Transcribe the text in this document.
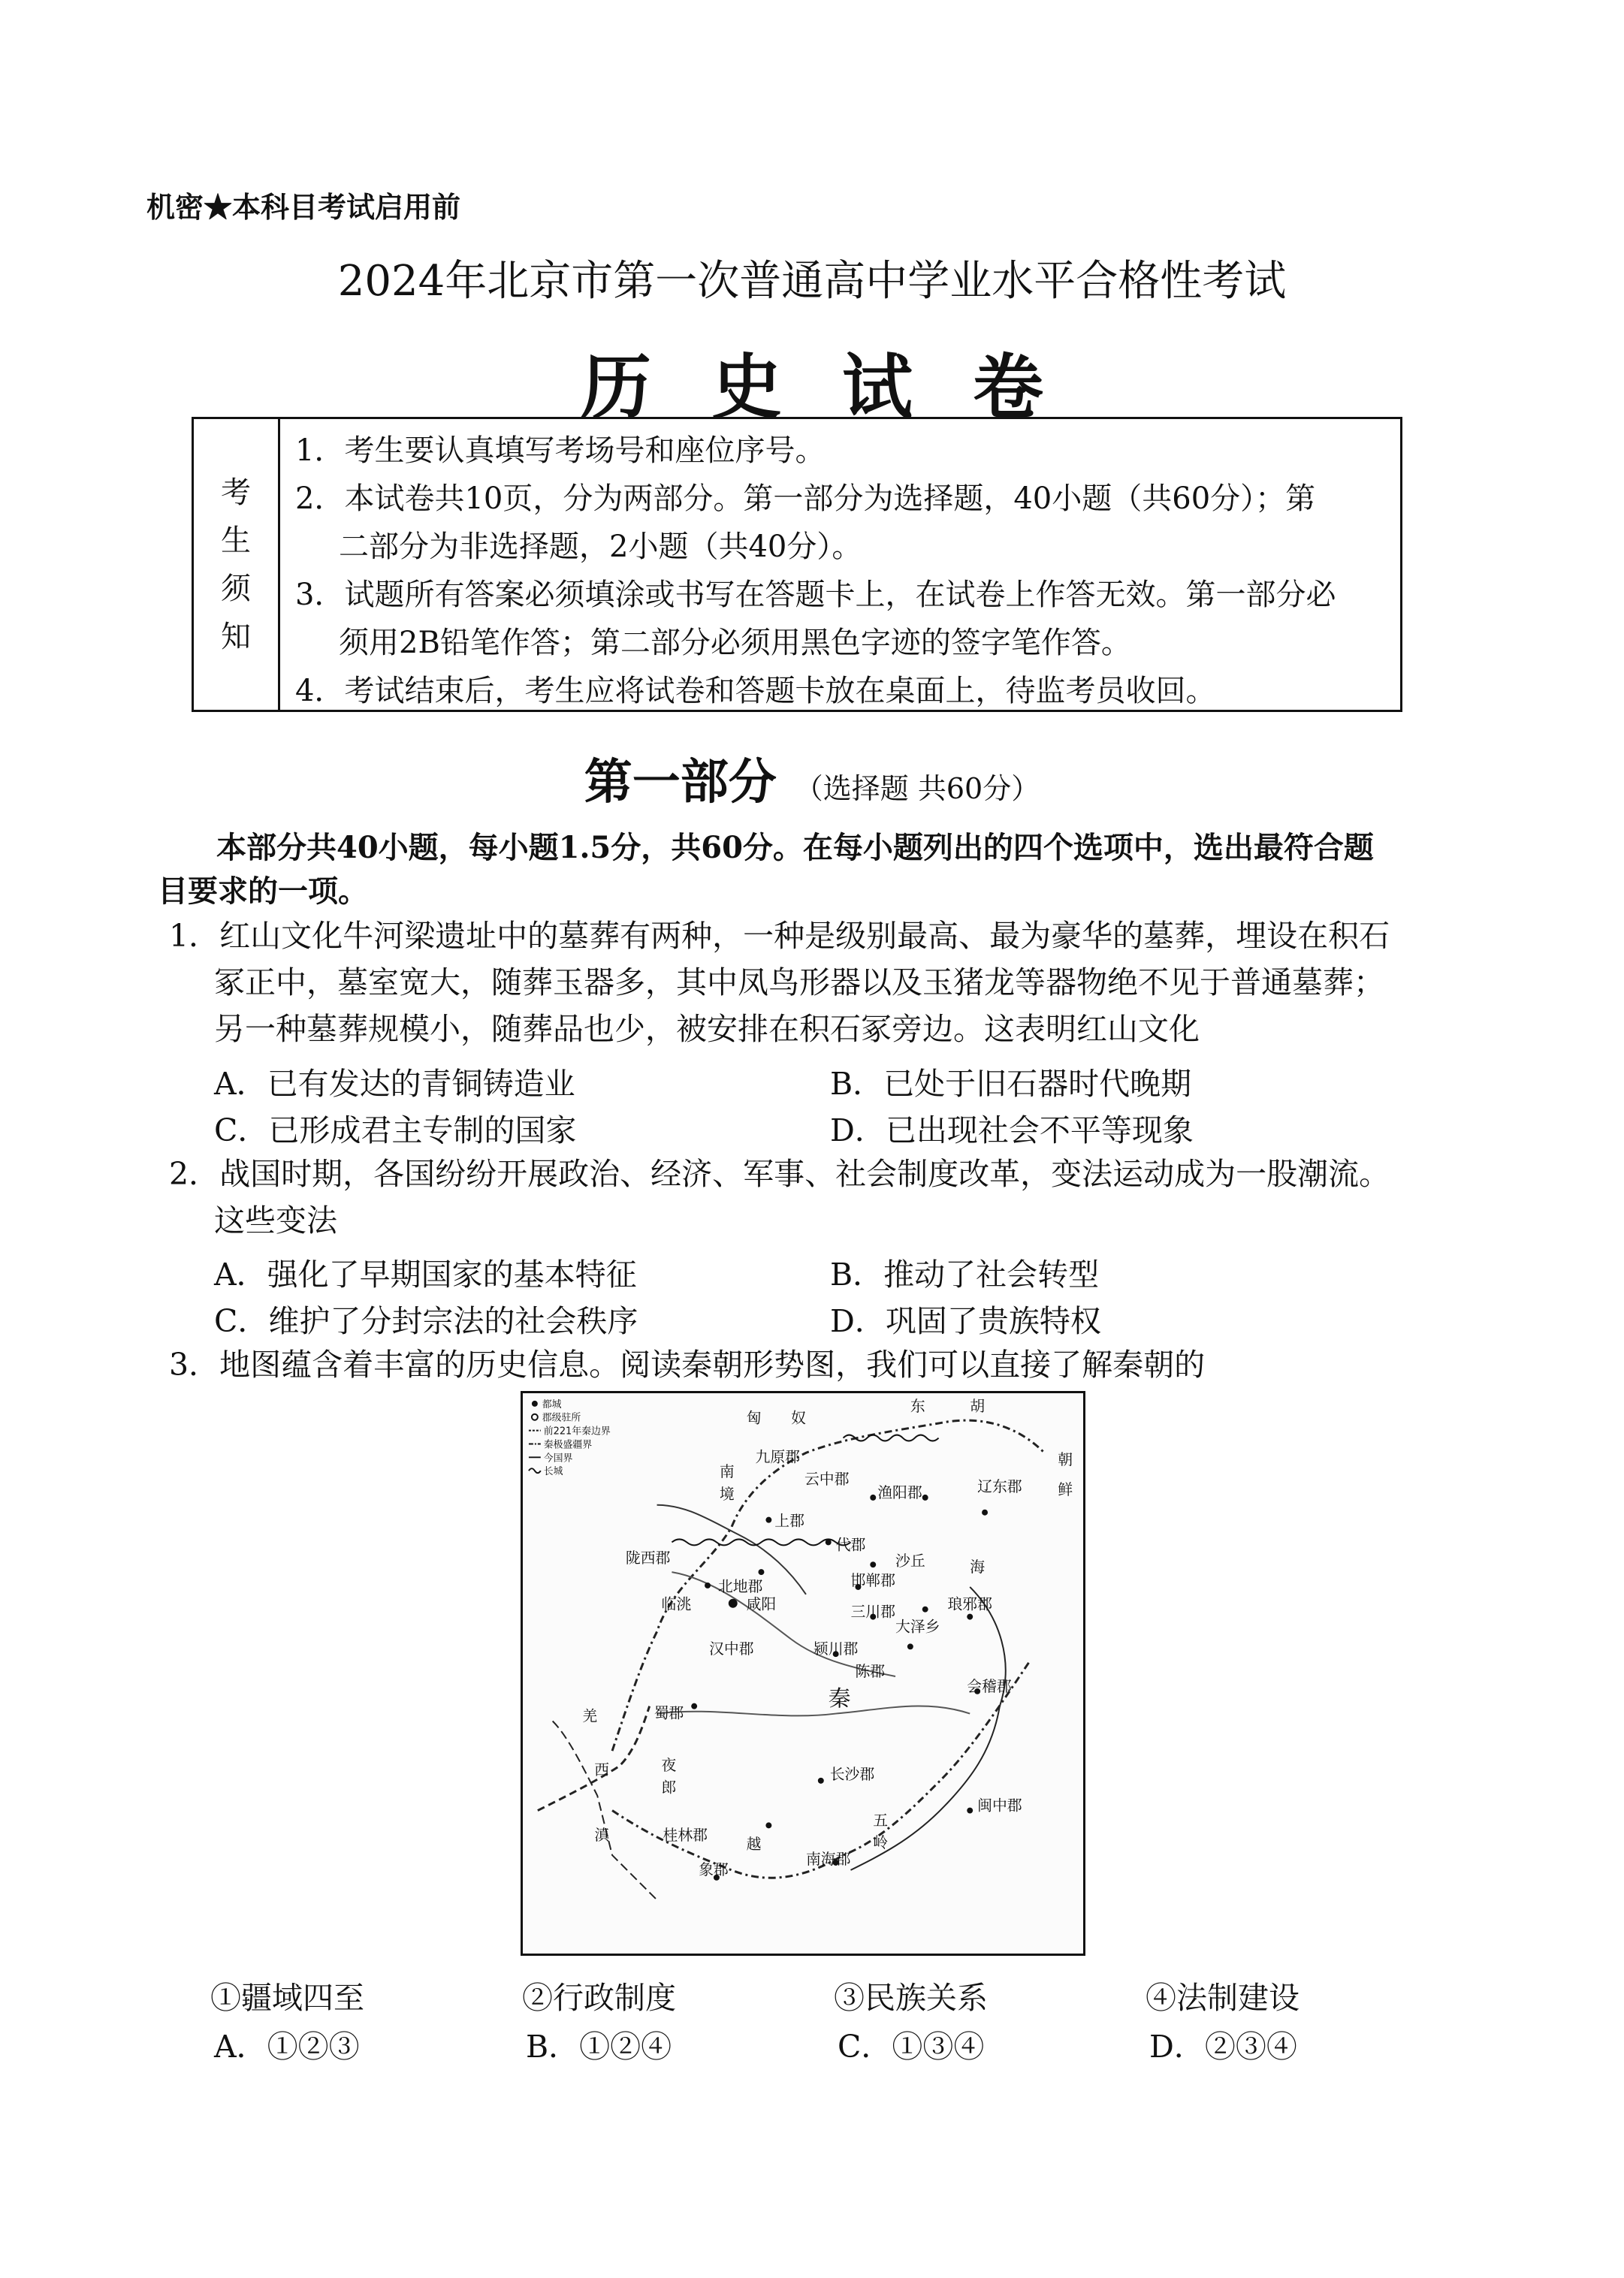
机密★本科目考试启用前
2024年北京市第一次普通高中学业水平合格性考试
历史试卷
考
生
须
知
1．考生要认真填写考场号和座位序号。
2．本试卷共10页，分为两部分。第一部分为选择题，40小题（共60分）；第
二部分为非选择题，2小题（共40分）。
3．试题所有答案必须填涂或书写在答题卡上，在试卷上作答无效。第一部分必
须用2B铅笔作答；第二部分必须用黑色字迹的签字笔作答。
4．考试结束后，考生应将试卷和答题卡放在桌面上，待监考员收回。
第一部分 （选择题 共60分）
本部分共40小题，每小题1.5分，共60分。在每小题列出的四个选项中，选出最符合题
目要求的一项。
1．红山文化牛河梁遗址中的墓葬有两种，一种是级别最高、最为豪华的墓葬，埋设在积石
冢正中，墓室宽大，随葬玉器多，其中凤鸟形器以及玉猪龙等器物绝不见于普通墓葬；
另一种墓葬规模小，随葬品也少，被安排在积石冢旁边。这表明红山文化
A．已有发达的青铜铸造业	B．已处于旧石器时代晚期
C．已形成君主专制的国家	D．已出现社会不平等现象
2．战国时期，各国纷纷开展政治、经济、军事、社会制度改革，变法运动成为一股潮流。
这些变法
A．强化了早期国家的基本特征	B．推动了社会转型
C．维护了分封宗法的社会秩序	D．巩固了贵族特权
3．地图蕴含着丰富的历史信息。阅读秦朝形势图，我们可以直接了解秦朝的
都城
郡级驻所
前221年秦边界
秦极盛疆界
今国界
长城
匈 奴
东	胡
九原郡
云中郡
渔阳郡	辽东郡
朝
鲜
南
境
代郡
上郡
陇西郡
北地郡
临洮	咸阳
汉中郡
三川郡
颍川郡
琅邪郡
大泽乡
陈郡
会稽郡
秦
羌	蜀郡
长沙郡
闽中郡
西
滇
夜
郎
五
岭
桂林郡
南海郡
象郡
越
沙丘
邯郸郡
海
①疆域四至	②行政制度	③民族关系	④法制建设
A．①②③	B．①②④	C．①③④	D．②③④
